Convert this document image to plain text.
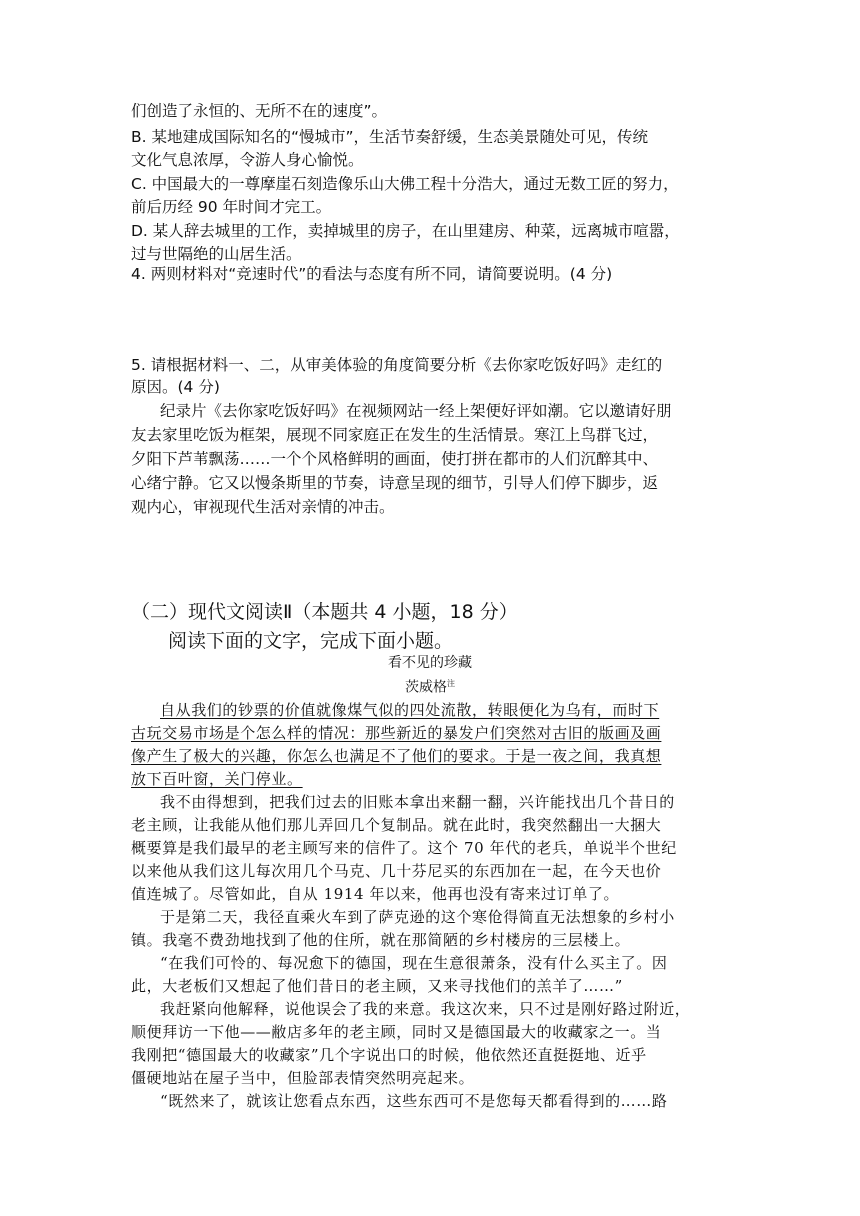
们创造了永恒的、无所不在的速度”。
B. 某地建成国际知名的“慢城市”，生活节奏舒缓，生态美景随处可见，传统
文化气息浓厚，令游人身心愉悦。
C. 中国最大的一尊摩崖石刻造像乐山大佛工程十分浩大，通过无数工匠的努力，
前后历经 90 年时间才完工。
D. 某人辞去城里的工作，卖掉城里的房子，在山里建房、种菜，远离城市喧嚣，
过与世隔绝的山居生活。
4. 两则材料对“竞速时代”的看法与态度有所不同，请简要说明。(4 分)
5. 请根据材料一、二，从审美体验的角度简要分析《去你家吃饭好吗》走红的
原因。(4 分)
纪录片《去你家吃饭好吗》在视频网站一经上架便好评如潮。它以邀请好朋
友去家里吃饭为框架，展现不同家庭正在发生的生活情景。寒江上鸟群飞过，
夕阳下芦苇飘荡……一个个风格鲜明的画面，使打拼在都市的人们沉醉其中、
心绪宁静。它又以慢条斯里的节奏，诗意呈现的细节，引导人们停下脚步，返
观内心，审视现代生活对亲情的冲击。
（二）现代文阅读Ⅱ（本题共 4 小题，18 分）
阅读下面的文字，完成下面小题。
看不见的珍藏
茨威格$^注$
自从我们的钞票的价值就像煤气似的四处流散，转眼便化为乌有，而时下
古玩交易市场是个怎么样的情况：那些新近的暴发户们突然对古旧的版画及画
像产生了极大的兴趣，你怎么也满足不了他们的要求。于是一夜之间，我真想
放下百叶窗，关门停业。
我不由得想到，把我们过去的旧账本拿出来翻一翻，兴许能找出几个昔日的
老主顾，让我能从他们那儿弄回几个复制品。就在此时，我突然翻出一大捆大
概要算是我们最早的老主顾写来的信件了。这个 70 年代的老兵，单说半个世纪
以来他从我们这儿每次用几个马克、几十芬尼买的东西加在一起，在今天也价
值连城了。尽管如此，自从 1914 年以来，他再也没有寄来过订单了。
于是第二天，我径直乘火车到了萨克逊的这个寒伧得简直无法想象的乡村小
镇。我毫不费劲地找到了他的住所，就在那简陋的乡村楼房的三层楼上。
“在我们可怜的、每况愈下的德国，现在生意很萧条，没有什么买主了。因
此，大老板们又想起了他们昔日的老主顾，又来寻找他们的羔羊了……”
我赶紧向他解释，说他误会了我的来意。我这次来，只不过是刚好路过附近，
顺便拜访一下他——敝店多年的老主顾，同时又是德国最大的收藏家之一。当
我刚把“德国最大的收藏家”几个字说出口的时候，他依然还直挺挺地、近乎
僵硬地站在屋子当中，但脸部表情突然明亮起来。
“既然来了，就该让您看点东西，这些东西可不是您每天都看得到的……路
